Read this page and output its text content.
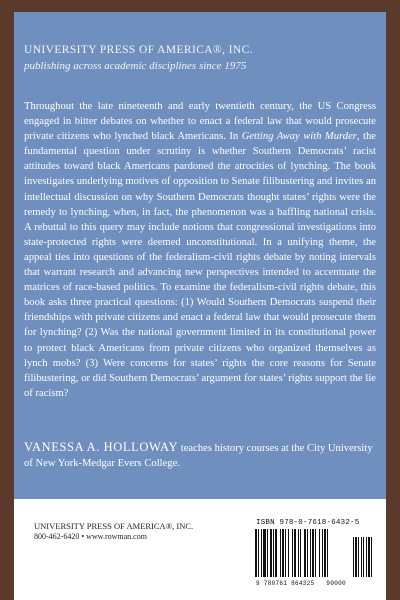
UNIVERSITY PRESS OF AMERICA®, INC.
publishing across academic disciplines since 1975

Throughout the late nineteenth and early twentieth century, the US Congress engaged in bitter debates on whether to enact a federal law that would prosecute private citizens who lynched black Americans. In Getting Away with Murder, the fundamental question under scrutiny is whether Southern Democrats’ racist attitudes toward black Americans pardoned the atrocities of lynching. The book investigates underlying motives of opposition to Senate filibustering and invites an intellectual discussion on why Southern Democrats thought states’ rights were the remedy to lynching, when, in fact, the phenomenon was a baffling national crisis. A rebuttal to this query may include notions that congressional investigations into state-protected rights were deemed unconstitutional. In a unifying theme, the appeal ties into questions of the federalism-civil rights debate by noting intervals that warrant research and advancing new perspectives intended to accentuate the matrices of race-based politics. To examine the federalism-civil rights debate, this book asks three practical questions: (1) Would Southern Democrats suspend their friendships with private citizens and enact a federal law that would prosecute them for lynching? (2) Was the national government limited in its constitutional power to protect black Americans from private citizens who organized themselves as lynch mobs? (3) Were concerns for states’ rights the core reasons for Senate filibustering, or did Southern Democrats’ argument for states’ rights support the lie of racism?

VANESSA A. HOLLOWAY teaches history courses at the City University of New York-Medgar Evers College.

UNIVERSITY PRESS OF AMERICA®, INC.
800-462-6420 • www.rowman.com
ISBN 978-0-7618-6432-5
9 780761 864325 90000
